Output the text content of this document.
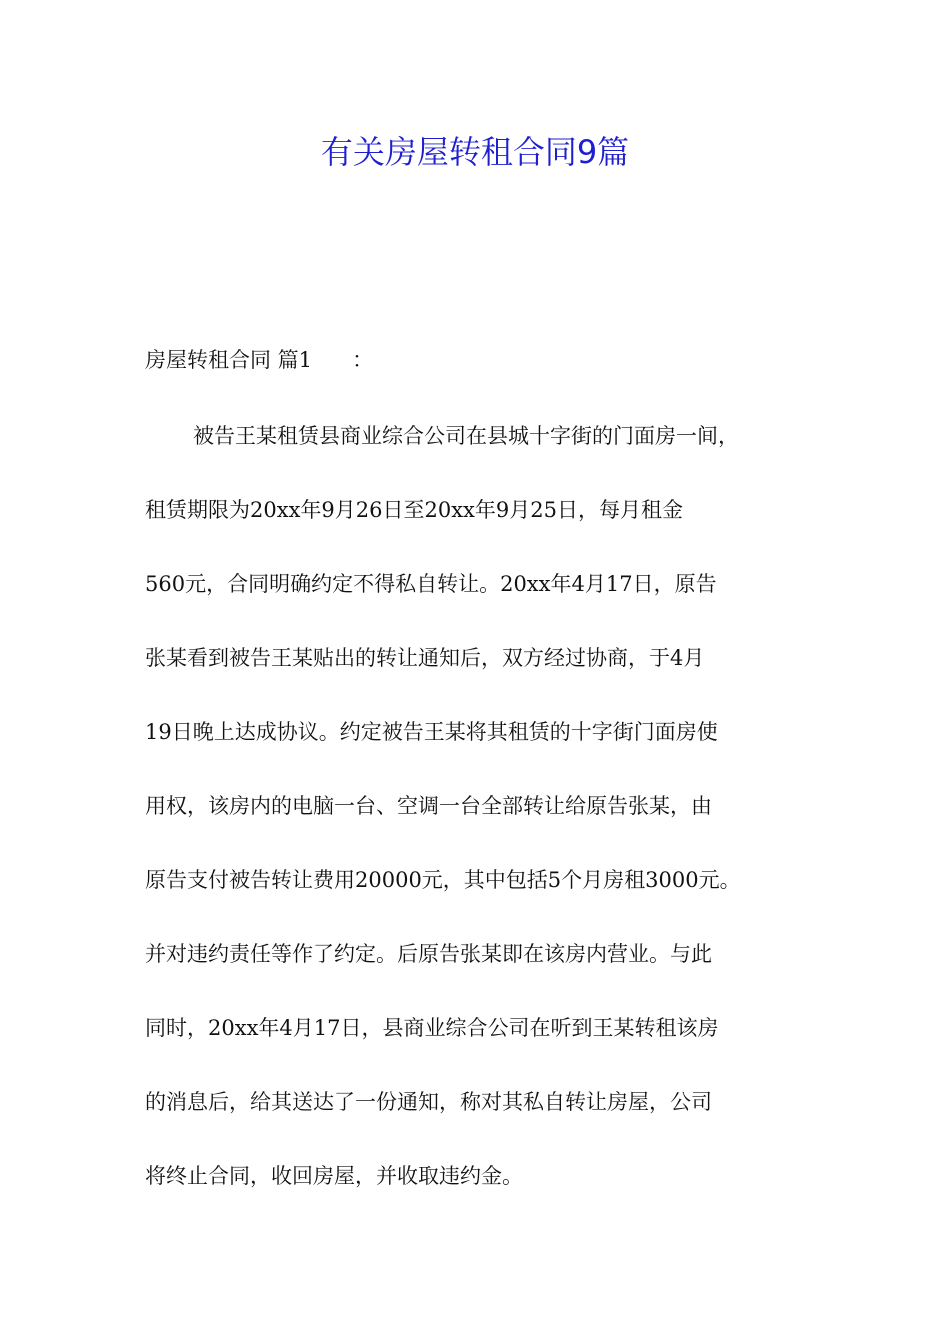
有关房屋转租合同9篇

房屋转租合同 篇1      ：

被告王某租赁县商业综合公司在县城十字街的门面房一间，

租赁期限为20xx年9月26日至20xx年9月25日，每月租金

560元，合同明确约定不得私自转让。20xx年4月17日，原告

张某看到被告王某贴出的转让通知后，双方经过协商，于4月

19日晚上达成协议。约定被告王某将其租赁的十字街门面房使

用权，该房内的电脑一台、空调一台全部转让给原告张某，由

原告支付被告转让费用20000元，其中包括5个月房租3000元。

并对违约责任等作了约定。后原告张某即在该房内营业。与此

同时，20xx年4月17日，县商业综合公司在听到王某转租该房

的消息后，给其送达了一份通知，称对其私自转让房屋，公司

将终止合同，收回房屋，并收取违约金。
